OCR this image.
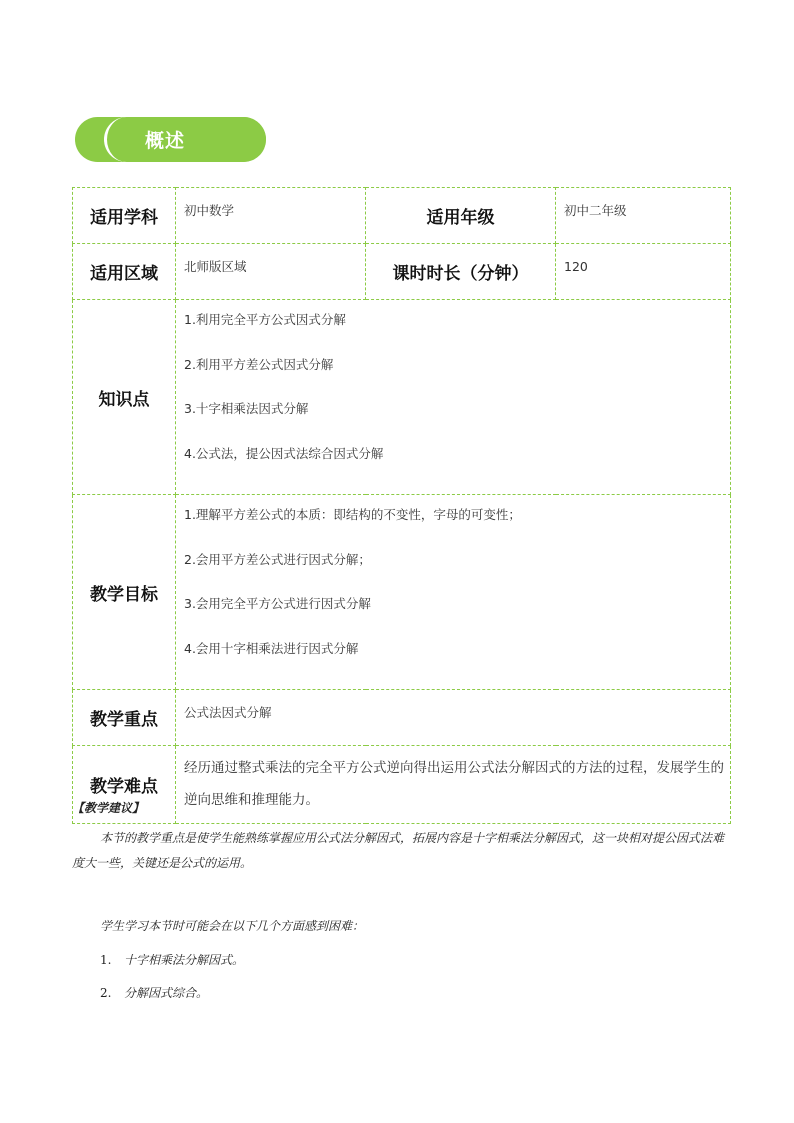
概述
适用学科	初中数学	适用年级	初中二年级
适用区域	北师版区域	课时时长（分钟）	120
知识点	1.利用完全平方公式因式分解
2.利用平方差公式因式分解
3.十字相乘法因式分解
4.公式法，提公因式法综合因式分解		

教学目标	1.理解平方差公式的本质：即结构的不变性，字母的可变性；
2.会用平方差公式进行因式分解；
3.会用完全平方公式进行因式分解
4.会用十字相乘法进行因式分解		

教学重点	公式法因式分解		
教学难点	经历通过整式乘法的完全平方公式逆向得出运用公式法分解因式的方法的过程，发展学生的逆向思维和推理能力。		
【教学建议】
本节的教学重点是使学生能熟练掌握应用公式法分解因式，拓展内容是十字相乘法分解因式，这一块相对提公因式法难度大一些，关键还是公式的运用。
学生学习本节时可能会在以下几个方面感到困难：
1. 十字相乘法分解因式。
2. 分解因式综合。
